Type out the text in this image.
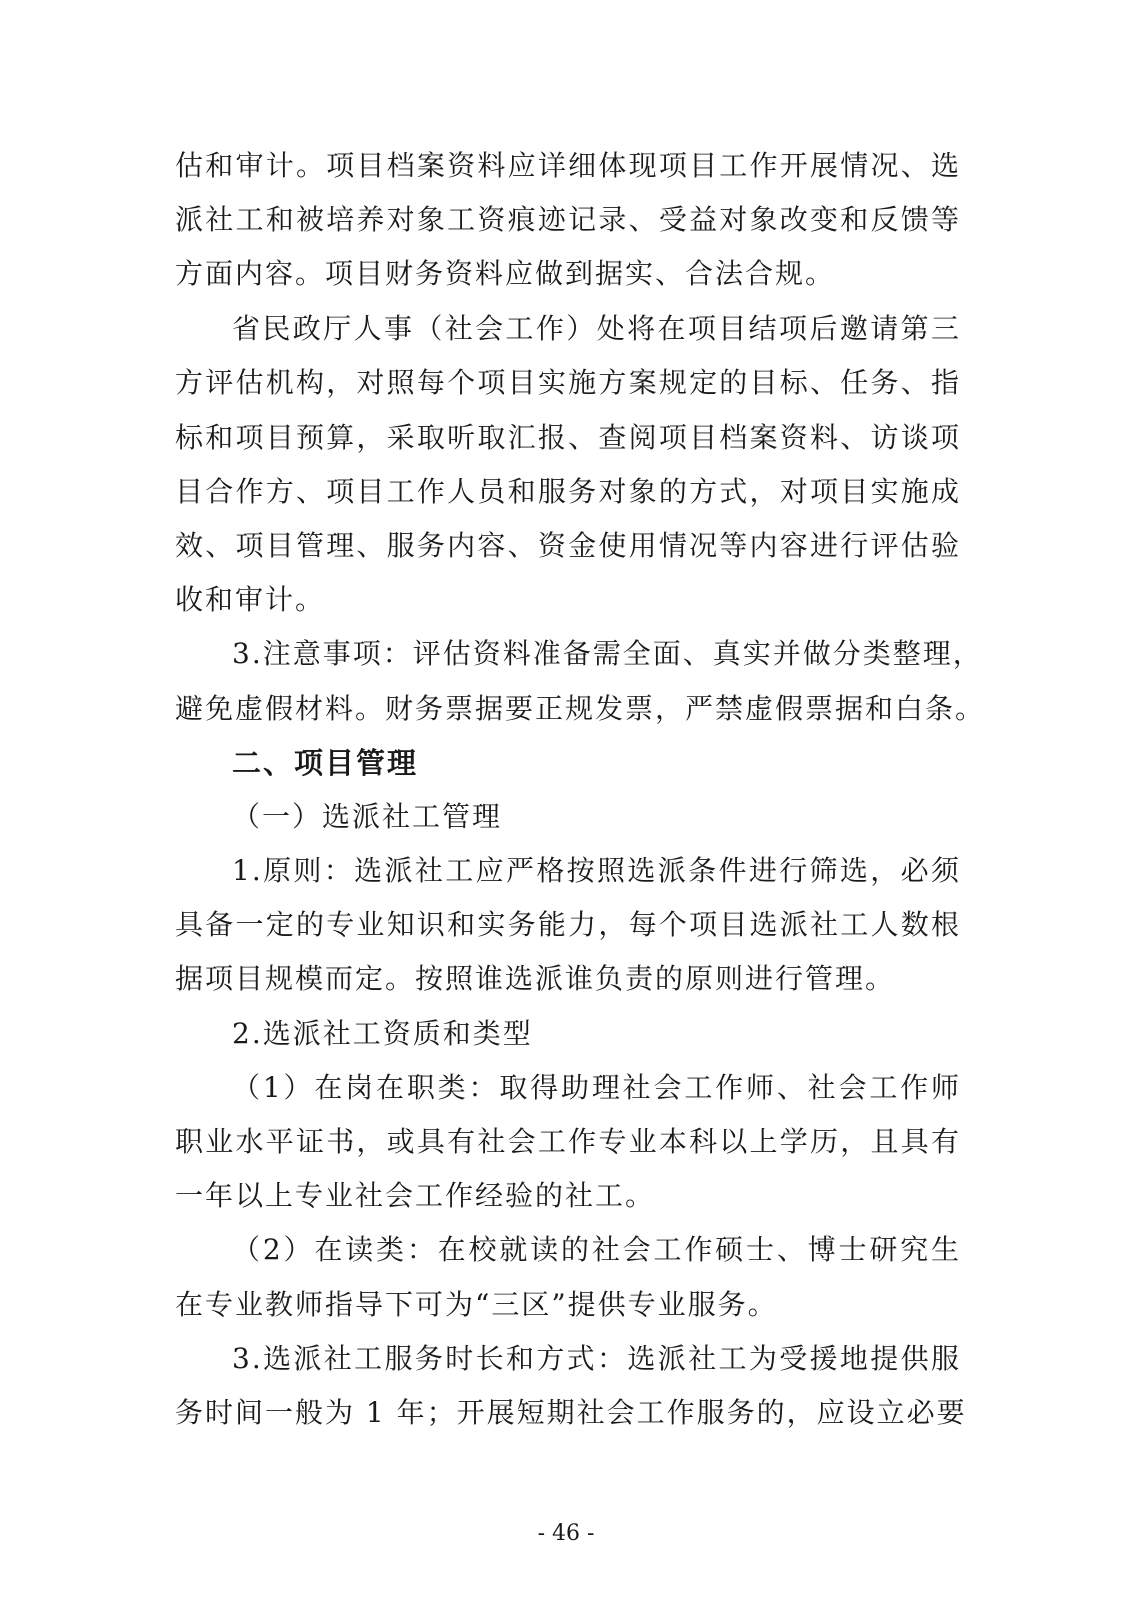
估和审计。项目档案资料应详细体现项目工作开展情况、选
派社工和被培养对象工资痕迹记录、受益对象改变和反馈等
方面内容。项目财务资料应做到据实、合法合规。
省民政厅人事（社会工作）处将在项目结项后邀请第三
方评估机构，对照每个项目实施方案规定的目标、任务、指
标和项目预算，采取听取汇报、查阅项目档案资料、访谈项
目合作方、项目工作人员和服务对象的方式，对项目实施成
效、项目管理、服务内容、资金使用情况等内容进行评估验
收和审计。
3.注意事项：评估资料准备需全面、真实并做分类整理，
避免虚假材料。财务票据要正规发票，严禁虚假票据和白条。
二、项目管理
（一）选派社工管理
1.原则：选派社工应严格按照选派条件进行筛选，必须
具备一定的专业知识和实务能力，每个项目选派社工人数根
据项目规模而定。按照谁选派谁负责的原则进行管理。
2.选派社工资质和类型
（1）在岗在职类：取得助理社会工作师、社会工作师
职业水平证书，或具有社会工作专业本科以上学历，且具有
一年以上专业社会工作经验的社工。
（2）在读类：在校就读的社会工作硕士、博士研究生
在专业教师指导下可为“三区”提供专业服务。
3.选派社工服务时长和方式：选派社工为受援地提供服
务时间一般为 1 年；开展短期社会工作服务的，应设立必要
- 46 -
